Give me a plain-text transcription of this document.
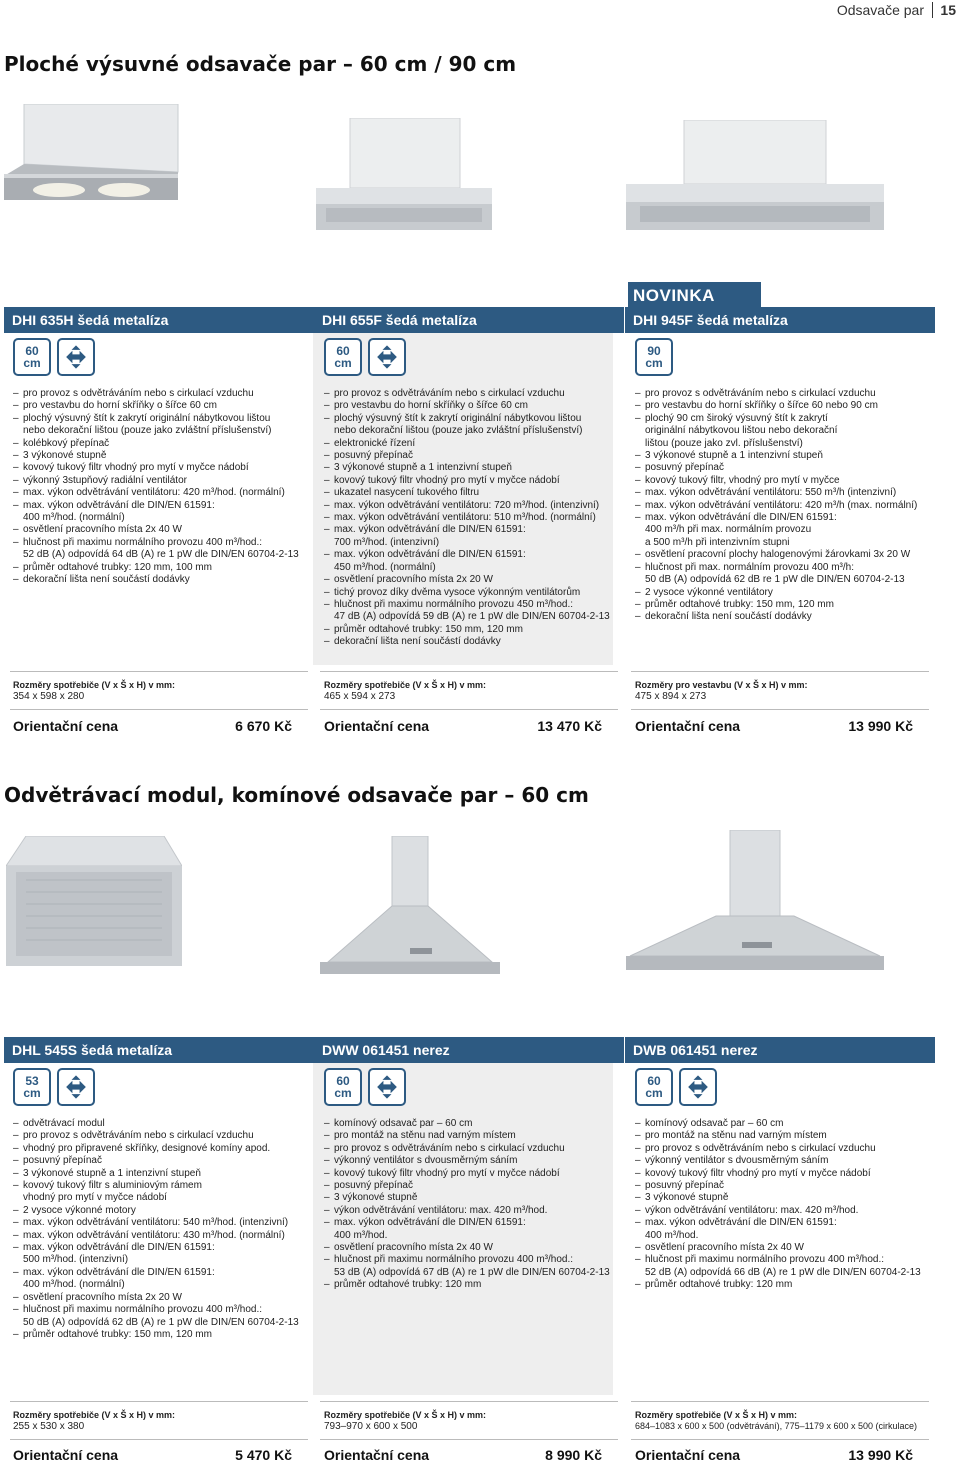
Odsavače par 15
Ploché výsuvné odsavače par – 60 cm / 90 cm
NOVINKA
DHI 635H šedá metalíza	DHI 655F šedá metalíza	DHI 945F šedá metalíza
60
cm
60
cm
90
cm
– pro provoz s odvětráváním nebo s cirkulací vzduchu
– pro vestavbu do horní skříňky o šířce 60 cm
– plochý výsuvný štít k zakrytí originální nábytkovou lištou
nebo dekorační lištou (pouze jako zvláštní příslušenství)
– kolébkový přepínač
– 3 výkonové stupně
– kovový tukový filtr vhodný pro mytí v myčce nádobí
– výkonný 3stupňový radiální ventilátor
– max. výkon odvětrávání ventilátoru: 420 m³/hod. (normální)
– max. výkon odvětrávání dle DIN/EN 61591:
400 m³/hod. (normální)
– osvětlení pracovního místa 2x 40 W
– hlučnost při maximu normálního provozu 400 m³/hod.:
52 dB (A) odpovídá 64 dB (A) re 1 pW dle DIN/EN 60704-2-13
– průměr odtahové trubky: 120 mm, 100 mm
– dekorační lišta není součástí dodávky
– pro provoz s odvětráváním nebo s cirkulací vzduchu
– pro vestavbu do horní skříňky o šířce 60 cm
– plochý výsuvný štít k zakrytí originální nábytkovou lištou
nebo dekorační lištou (pouze jako zvláštní příslušenství)
– elektronické řízení
– posuvný přepínač
– 3 výkonové stupně a 1 intenzivní stupeň
– kovový tukový filtr vhodný pro mytí v myčce nádobí
– ukazatel nasycení tukového filtru
– max. výkon odvětrávání ventilátoru: 720 m³/hod. (intenzivní)
– max. výkon odvětrávání ventilátoru: 510 m³/hod. (normální)
– max. výkon odvětrávání dle DIN/EN 61591:
700 m³/hod. (intenzivní)
– max. výkon odvětrávání dle DIN/EN 61591:
450 m³/hod. (normální)
– osvětlení pracovního místa 2x 20 W
– tichý provoz díky dvěma vysoce výkonným ventilátorům
– hlučnost při maximu normálního provozu 450 m³/hod.:
47 dB (A) odpovídá 59 dB (A) re 1 pW dle DIN/EN 60704-2-13
– průměr odtahové trubky: 150 mm, 120 mm
– dekorační lišta není součástí dodávky
– pro provoz s odvětráváním nebo s cirkulací vzduchu
– pro vestavbu do horní skříňky o šířce 60 nebo 90 cm
– plochý 90 cm široký výsuvný štít k zakrytí
originální nábytkovou lištou nebo dekorační
lištou (pouze jako zvl. příslušenství)
– 3 výkonové stupně a 1 intenzivní stupeň
– posuvný přepínač
– kovový tukový filtr, vhodný pro mytí v myčce
– max. výkon odvětrávání ventilátoru: 550 m³/h (intenzivní)
– max. výkon odvětrávání ventilátoru: 420 m³/h (max. normální)
– max. výkon odvětrávání dle DIN/EN 61591:
400 m³/h při max. normálním provozu
a 500 m³/h při intenzivním stupni
– osvětlení pracovní plochy halogenovými žárovkami 3x 20 W
– hlučnost při max. normálním provozu 400 m³/h:
50 dB (A) odpovídá 62 dB re 1 pW dle DIN/EN 60704-2-13
– 2 vysoce výkonné ventilátory
– průměr odtahové trubky: 150 mm, 120 mm
– dekorační lišta není součástí dodávky
Rozměry spotřebiče (V x Š x H) v mm:
354 x 598 x 280
Rozměry spotřebiče (V x Š x H) v mm:
465 x 594 x 273
Rozměry pro vestavbu (V x Š x H) v mm:
475 x 894 x 273
Orientační cena	6 670 Kč Orientační cena	13 470 Kč Orientační cena	13 990 Kč
Odvětrávací modul, komínové odsavače par – 60 cm
DHL 545S šedá metalíza	DWW 061451 nerez	DWB 061451 nerez
53
cm
60
cm
60
cm
– odvětrávací modul
– pro provoz s odvětráváním nebo s cirkulací vzduchu
– vhodný pro připravené skříňky, designové komíny apod.
– posuvný přepínač
– 3 výkonové stupně a 1 intenzivní stupeň
– kovový tukový filtr s aluminiovým rámem
vhodný pro mytí v myčce nádobí
– 2 vysoce výkonné motory
– max. výkon odvětrávání ventilátoru: 540 m³/hod. (intenzivní)
– max. výkon odvětrávání ventilátoru: 430 m³/hod. (normální)
– max. výkon odvětrávání dle DIN/EN 61591:
500 m³/hod. (intenzivní)
– max. výkon odvětrávání dle DIN/EN 61591:
400 m³/hod. (normální)
– osvětlení pracovního místa 2x 20 W
– hlučnost při maximu normálního provozu 400 m³/hod.:
50 dB (A) odpovídá 62 dB (A) re 1 pW dle DIN/EN 60704-2-13
– průměr odtahové trubky: 150 mm, 120 mm
– komínový odsavač par – 60 cm
– pro montáž na stěnu nad varným místem
– pro provoz s odvětráváním nebo s cirkulací vzduchu
– výkonný ventilátor s dvousměrným sáním
– kovový tukový filtr vhodný pro mytí v myčce nádobí
– posuvný přepínač
– 3 výkonové stupně
– výkon odvětrávání ventilátoru: max. 420 m³/hod.
– max. výkon odvětrávání dle DIN/EN 61591:
400 m³/hod.
– osvětlení pracovního místa 2x 40 W
– hlučnost při maximu normálního provozu 400 m³/hod.:
53 dB (A) odpovídá 67 dB (A) re 1 pW dle DIN/EN 60704-2-13
– průměr odtahové trubky: 120 mm
– komínový odsavač par – 60 cm
– pro montáž na stěnu nad varným místem
– pro provoz s odvětráváním nebo s cirkulací vzduchu
– výkonný ventilátor s dvousměrným sáním
– kovový tukový filtr vhodný pro mytí v myčce nádobí
– posuvný přepínač
– 3 výkonové stupně
– výkon odvětrávání ventilátoru: max. 420 m³/hod.
– max. výkon odvětrávání dle DIN/EN 61591:
400 m³/hod.
– osvětlení pracovního místa 2x 40 W
– hlučnost při maximu normálního provozu 400 m³/hod.:
52 dB (A) odpovídá 66 dB (A) re 1 pW dle DIN/EN 60704-2-13
– průměr odtahové trubky: 120 mm
Rozměry spotřebiče (V x Š x H) v mm:
255 x 530 x 380
Rozměry spotřebiče (V x Š x H) v mm:
793–970 x 600 x 500
Rozměry spotřebiče (V x Š x H) v mm:
684–1083 x 600 x 500 (odvětrávání), 775–1179 x 600 x 500 (cirkulace)
Orientační cena	5 470 Kč Orientační cena	8 990 Kč Orientační cena	13 990 Kč
